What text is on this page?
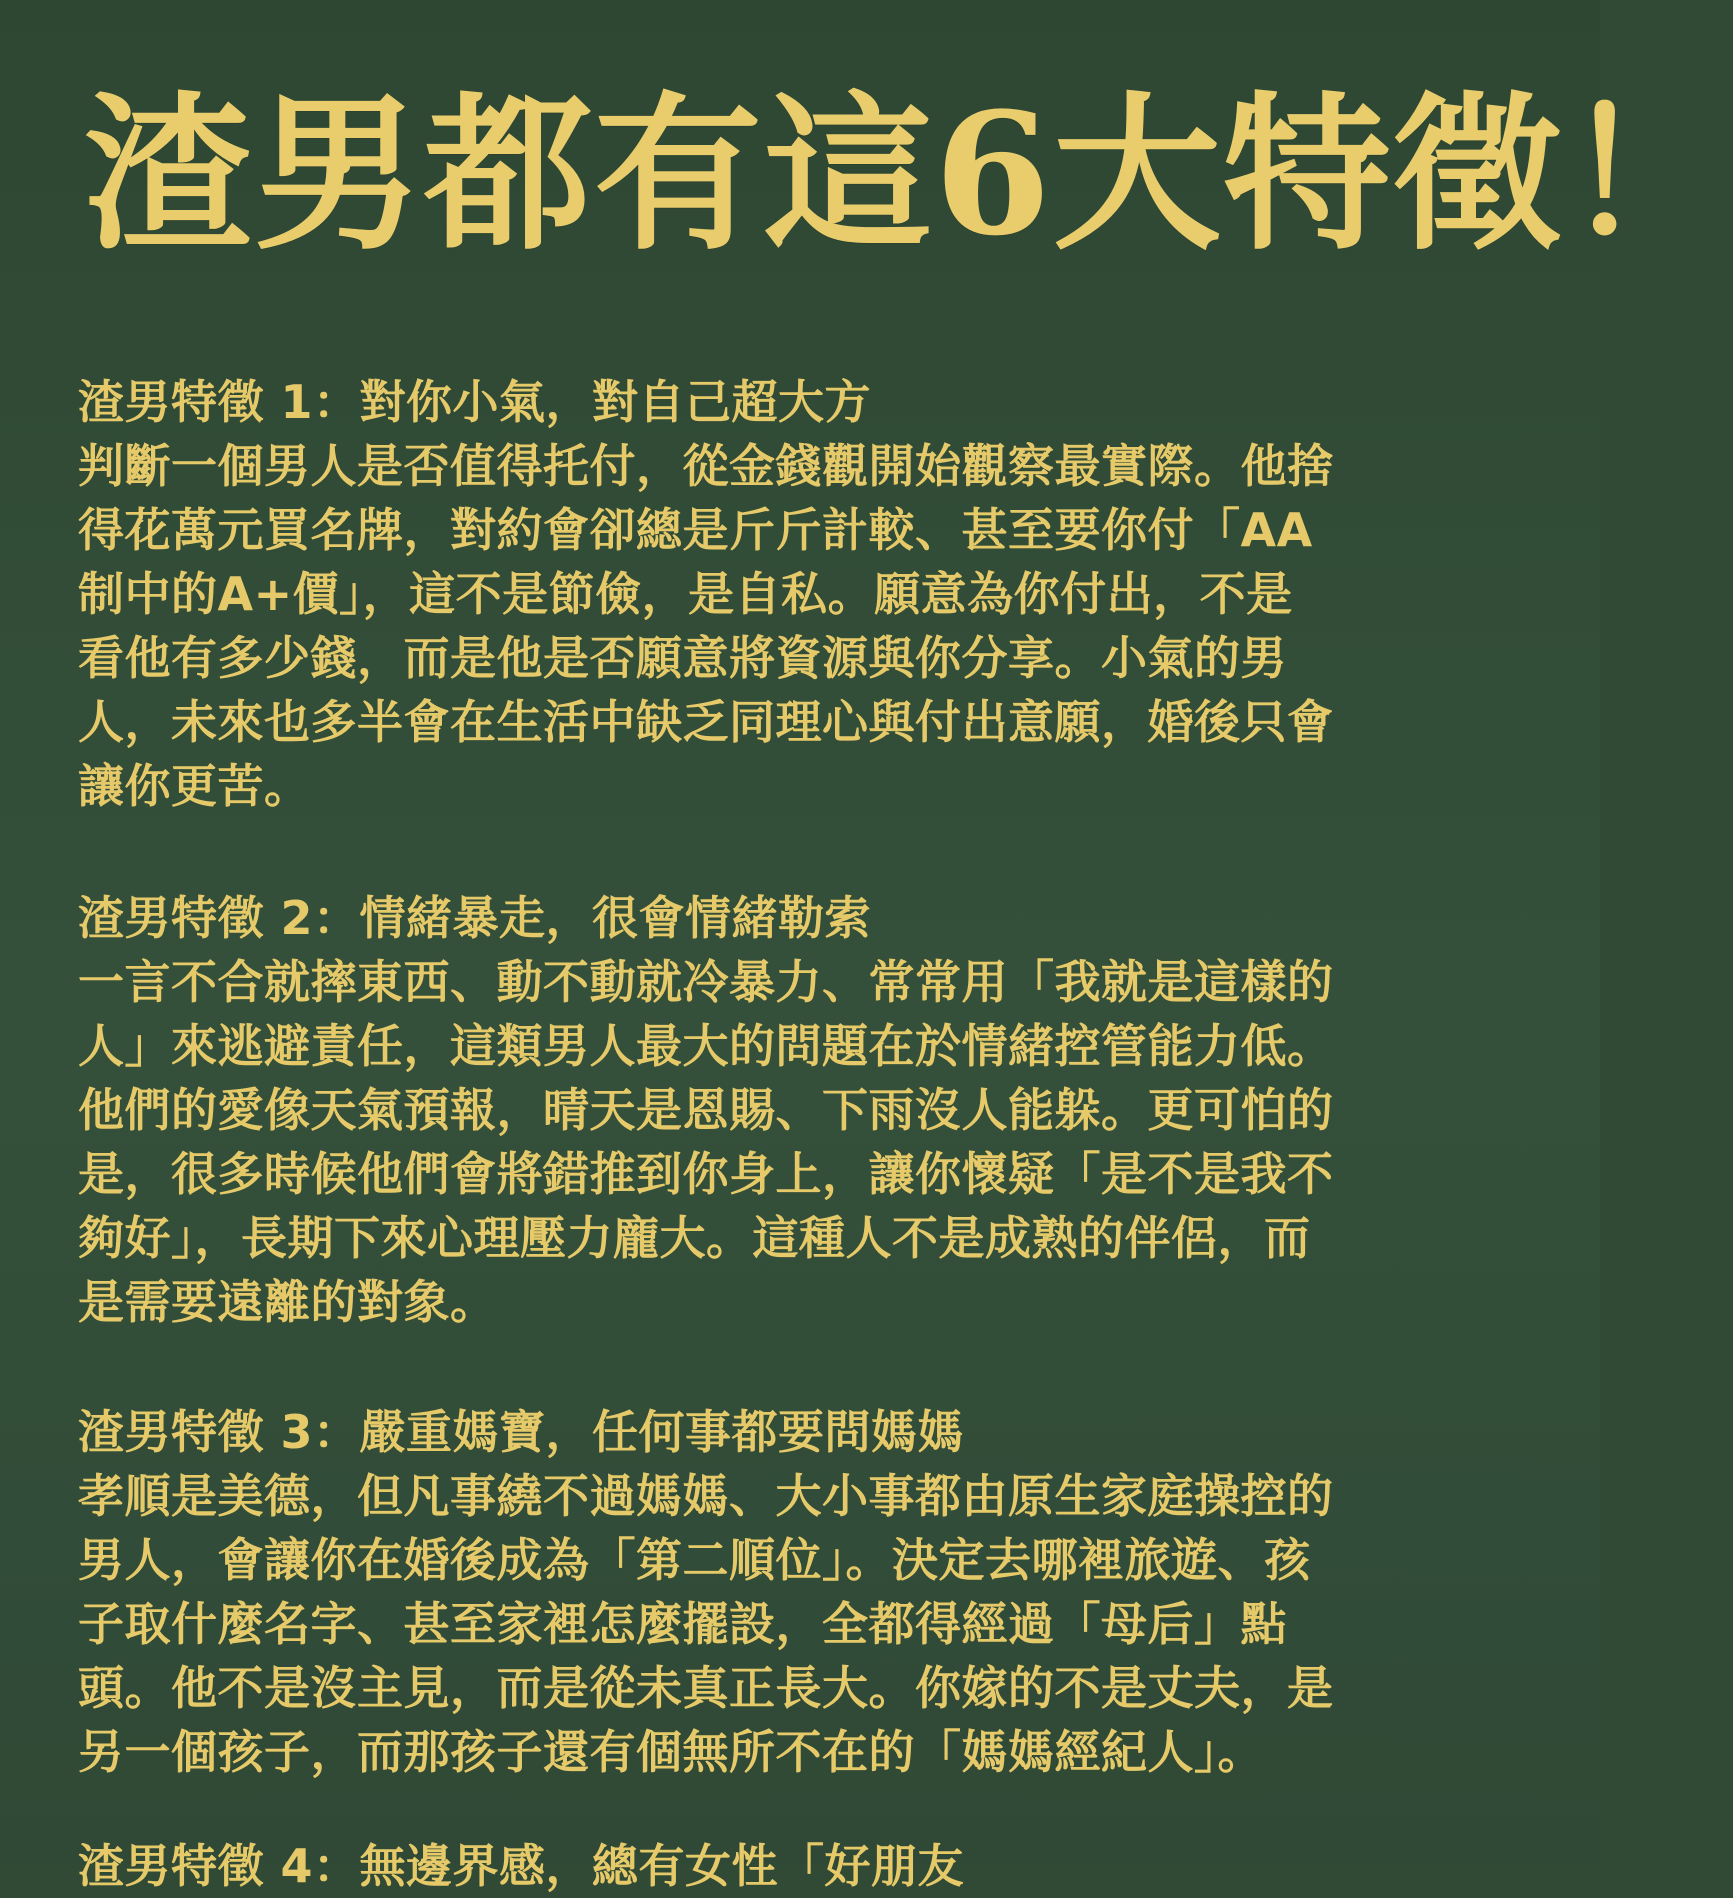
渣男都有這6大特徵！
渣男特徵 1：對你小氣，對自己超大方
判斷一個男人是否值得托付，從金錢觀開始觀察最實際。他捨
得花萬元買名牌，對約會卻總是斤斤計較、甚至要你付「AA
制中的A+價」，這不是節儉，是自私。願意為你付出，不是
看他有多少錢，而是他是否願意將資源與你分享。小氣的男
人，未來也多半會在生活中缺乏同理心與付出意願，婚後只會
讓你更苦。
渣男特徵 2：情緒暴走，很會情緒勒索
一言不合就摔東西、動不動就冷暴力、常常用「我就是這樣的
人」來逃避責任，這類男人最大的問題在於情緒控管能力低。
他們的愛像天氣預報，晴天是恩賜、下雨沒人能躲。更可怕的
是，很多時候他們會將錯推到你身上，讓你懷疑「是不是我不
夠好」，長期下來心理壓力龐大。這種人不是成熟的伴侶，而
是需要遠離的對象。
渣男特徵 3：嚴重媽寶，任何事都要問媽媽
孝順是美德，但凡事繞不過媽媽、大小事都由原生家庭操控的
男人，會讓你在婚後成為「第二順位」。決定去哪裡旅遊、孩
子取什麼名字、甚至家裡怎麼擺設，全都得經過「母后」點
頭。他不是沒主見，而是從未真正長大。你嫁的不是丈夫，是
另一個孩子，而那孩子還有個無所不在的「媽媽經紀人」。
渣男特徵 4：無邊界感，總有女性「好朋友
